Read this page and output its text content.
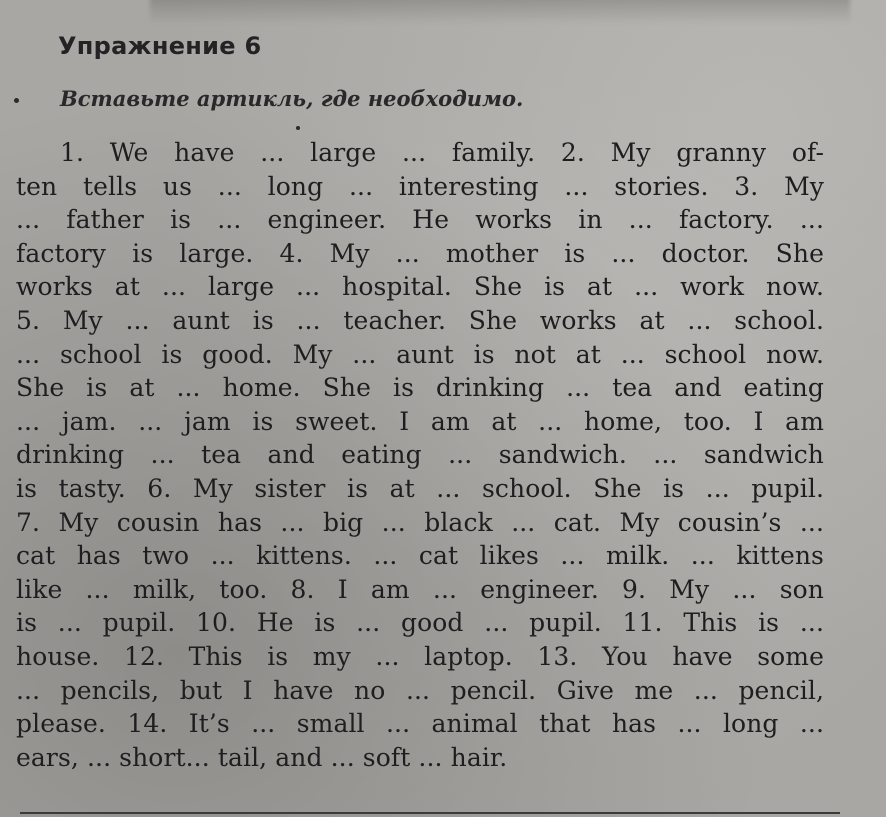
Упражнение 6
Вставьте артикль, где необходимо.
1. We have ... large ... family. 2. My granny of-
ten tells us ... long ... interesting ... stories. 3. My
... father is ... engineer. He works in ... factory. ...
factory is large. 4. My ... mother is ... doctor. She
works at ... large ... hospital. She is at ... work now.
5. My ... aunt is ... teacher. She works at ... school.
... school is good. My ... aunt is not at ... school now.
She is at ... home. She is drinking ... tea and eating
... jam. ... jam is sweet. I am at ... home, too. I am
drinking ... tea and eating ... sandwich. ... sandwich
is tasty. 6. My sister is at ... school. She is ... pupil.
7. My cousin has ... big ... black ... cat. My cousin’s ...
cat has two ... kittens. ... cat likes ... milk. ... kittens
like ... milk, too. 8. I am ... engineer. 9. My ... son
is ... pupil. 10. He is ... good ... pupil. 11. This is ...
house. 12. This is my ... laptop. 13. You have some
... pencils, but I have no ... pencil. Give me ... pencil,
please. 14. It’s ... small ... animal that has ... long ...
ears, ... short... tail, and ... soft ... hair.
